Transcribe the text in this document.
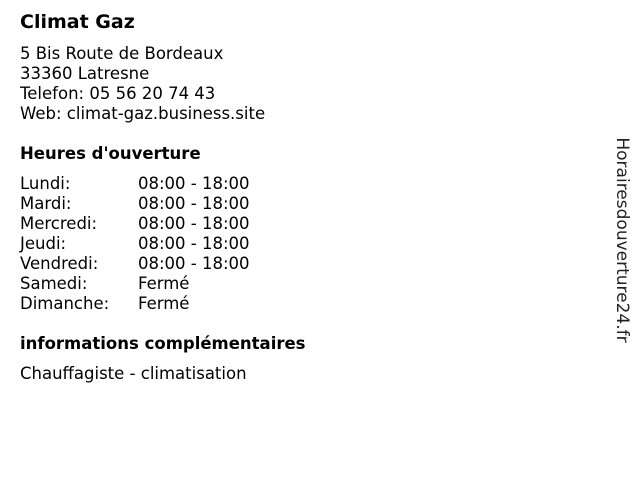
Climat Gaz
5 Bis Route de Bordeaux
33360 Latresne
Telefon: 05 56 20 74 43
Web: climat-gaz.business.site
Heures d'ouverture
Lundi:	08:00 - 18:00
Mardi:	08:00 - 18:00
Mercredi: 08:00 - 18:00
Jeudi:	08:00 - 18:00
Vendredi: 08:00 - 18:00
Samedi:	Fermé
Dimanche: Fermé
informations complémentaires
Chauffagiste - climatisation
Horairesdouverture24.fr
